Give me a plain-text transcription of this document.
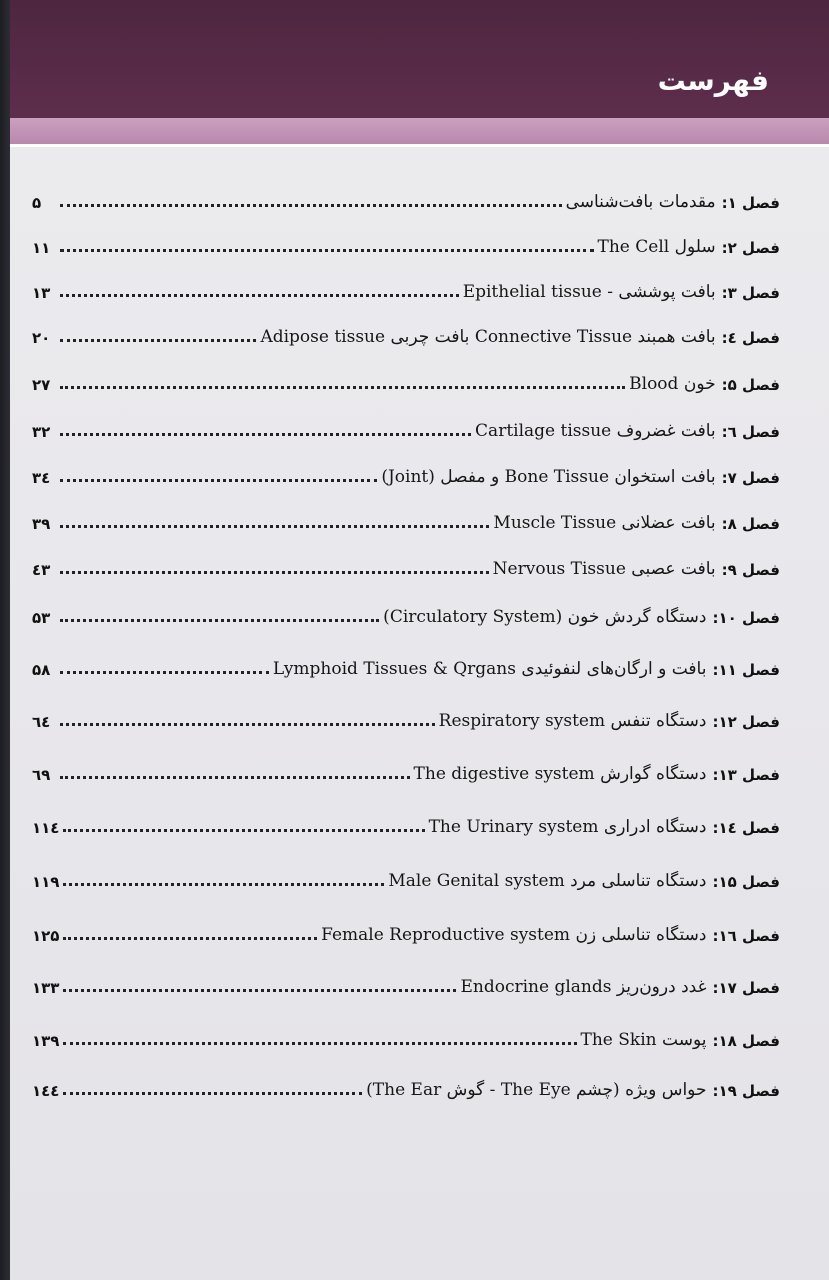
فهرست
فصل ۱:
مقدمات بافت‌شناسی
۵
فصل ۲:
سلول The Cell
۱۱
فصل ۳:
بافت پوششی - Epithelial tissue
۱۳
فصل ٤:
بافت همبند Connective Tissue بافت چربی Adipose tissue
۲۰
فصل ۵:
خون Blood
۲۷
فصل ٦:
بافت غضروف Cartilage tissue
۳۲
فصل ۷:
بافت استخوان Bone Tissue و مفصل (Joint)
۳٤
فصل ۸:
بافت عضلانی Muscle Tissue
۳۹
فصل ۹:
بافت عصبی Nervous Tissue
٤۳
فصل ۱۰:
دستگاه گردش خون (Circulatory System)
۵۳
فصل ۱۱:
بافت و ارگان‌های لنفوئیدی Lymphoid Tissues & Qrgans
۵۸
فصل ۱۲:
دستگاه تنفس Respiratory system
٦٤
فصل ۱۳:
دستگاه گوارش The digestive system
٦۹
فصل ۱٤:
دستگاه ادراری The Urinary system
۱۱٤
فصل ۱۵:
دستگاه تناسلی مرد Male Genital system
۱۱۹
فصل ۱٦:
دستگاه تناسلی زن Female Reproductive system
۱۲۵
فصل ۱۷:
غدد درون‌ریز Endocrine glands
۱۳۳
فصل ۱۸:
پوست The Skin
۱۳۹
فصل ۱۹:
حواس ویژه (چشم The Eye - گوش The Ear)
۱٤٤
